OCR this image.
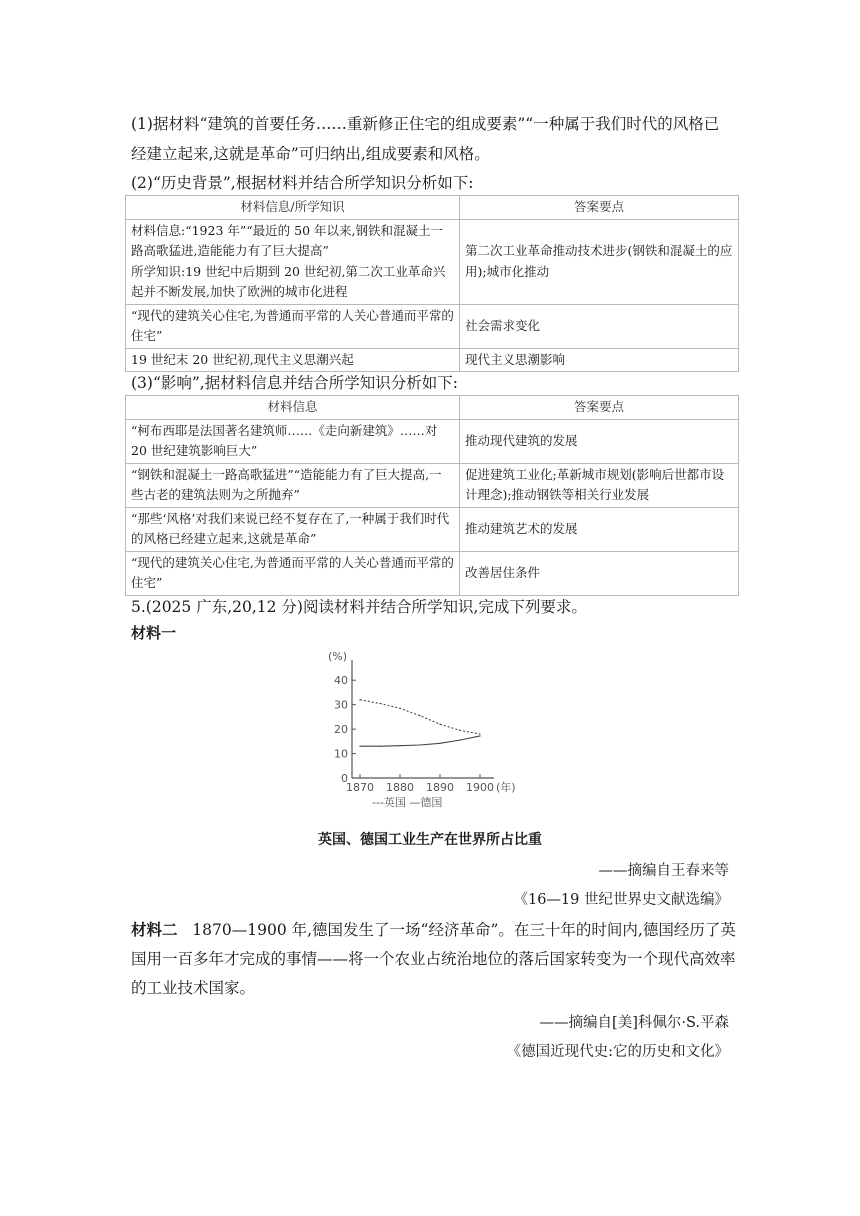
(1)据材料“建筑的首要任务……重新修正住宅的组成要素”“一种属于我们时代的风格已经建立起来,这就是革命”可归纳出,组成要素和风格。
(2)“历史背景”,根据材料并结合所学知识分析如下:
材料信息/所学知识	答案要点
材料信息:“1923 年”“最近的 50 年以来,钢铁和混凝土一路高歌猛进,造能能力有了巨大提高”
所学知识:19 世纪中后期到 20 世纪初,第二次工业革命兴起并不断发展,加快了欧洲的城市化进程	第二次工业革命推动技术进步(钢铁和混凝土的应用);城市化推动
“现代的建筑关心住宅,为普通而平常的人关心普通而平常的住宅”	社会需求变化
19 世纪末 20 世纪初,现代主义思潮兴起	现代主义思潮影响
(3)“影响”,据材料信息并结合所学知识分析如下:
材料信息	答案要点
“柯布西耶是法国著名建筑师……《走向新建筑》……对 20 世纪建筑影响巨大”	推动现代建筑的发展
“钢铁和混凝土一路高歌猛进”“造能能力有了巨大提高,一些古老的建筑法则为之所抛弃”	促进建筑工业化;革新城市规划(影响后世都市设计理念);推动钢铁等相关行业发展
“那些‘风格’对我们来说已经不复存在了,一种属于我们时代的风格已经建立起来,这就是革命”	推动建筑艺术的发展
“现代的建筑关心住宅,为普通而平常的人关心普通而平常的住宅”	改善居住条件
5.(2025 广东,20,12 分)阅读材料并结合所学知识,完成下列要求。
材料一
(%)
(年)
0
10
20
30
40
1870 1880 1890 1900
---英国 —德国
英国、德国工业生产在世界所占比重
——摘编自王春来等
《16—19 世纪世界史文献选编》
材料二 1870—1900 年,德国发生了一场“经济革命”。在三十年的时间内,德国经历了英国用一百多年才完成的事情——将一个农业占统治地位的落后国家转变为一个现代高效率的工业技术国家。
——摘编自[美]科佩尔·S.平森
《德国近现代史:它的历史和文化》
